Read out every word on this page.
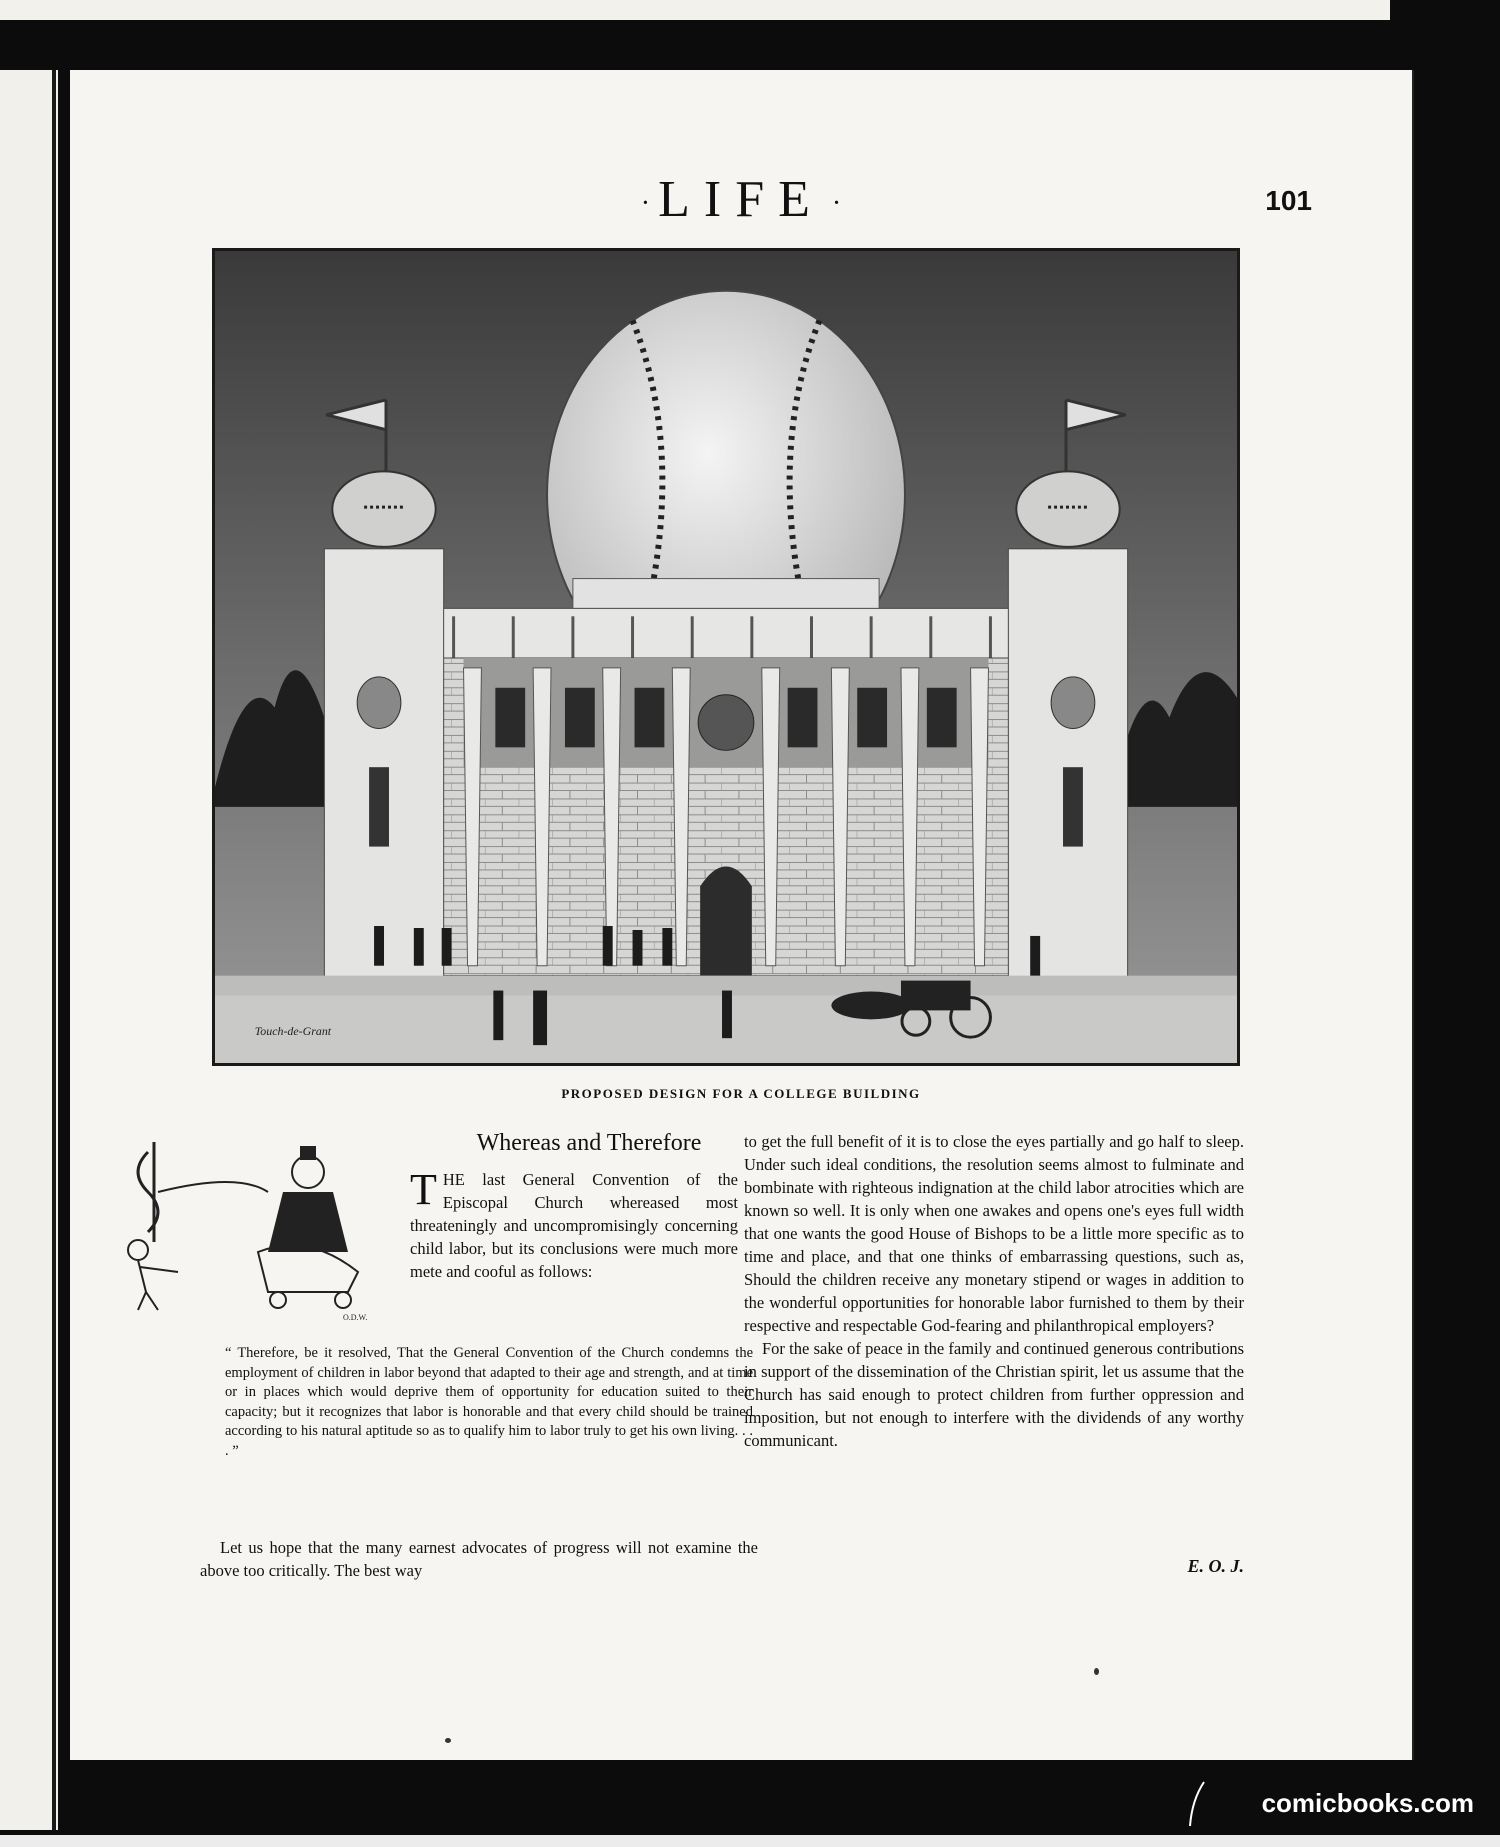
· LIFE ·	101
Touch-de-Grant
PROPOSED DESIGN FOR A COLLEGE BUILDING
O.D.W.
Whereas and Therefore
THE last General Convention of the Episcopal Church whereased most threateningly and uncompromisingly concerning child labor, but its conclusions were much more mete and cooful as follows:
“ Therefore, be it resolved, That the General Convention of the Church condemns the employment of children in labor beyond that adapted to their age and strength, and at time or in places which would deprive them of opportunity for education suited to their capacity; but it recognizes that labor is honorable and that every child should be trained according to his natural aptitude so as to qualify him to labor truly to get his own living. . . . ”
Let us hope that the many earnest advocates of progress will not examine the above too critically. The best way

to get the full benefit of it is to close the eyes partially and go half to sleep. Under such ideal conditions, the resolution seems almost to fulminate and bombinate with righteous indignation at the child labor atrocities which are known so well. It is only when one awakes and opens one's eyes full width that one wants the good House of Bishops to be a little more specific as to time and place, and that one thinks of embarrassing questions, such as, Should the children receive any monetary stipend or wages in addition to the wonderful opportunities for honorable labor furnished to them by their respective and respectable God-fearing and philanthropical employers?

For the sake of peace in the family and continued generous contributions in support of the dissemination of the Christian spirit, let us assume that the Church has said enough to protect children from further oppression and imposition, but not enough to interfere with the dividends of any worthy communicant.

E. O. J.
comicbooks.com
